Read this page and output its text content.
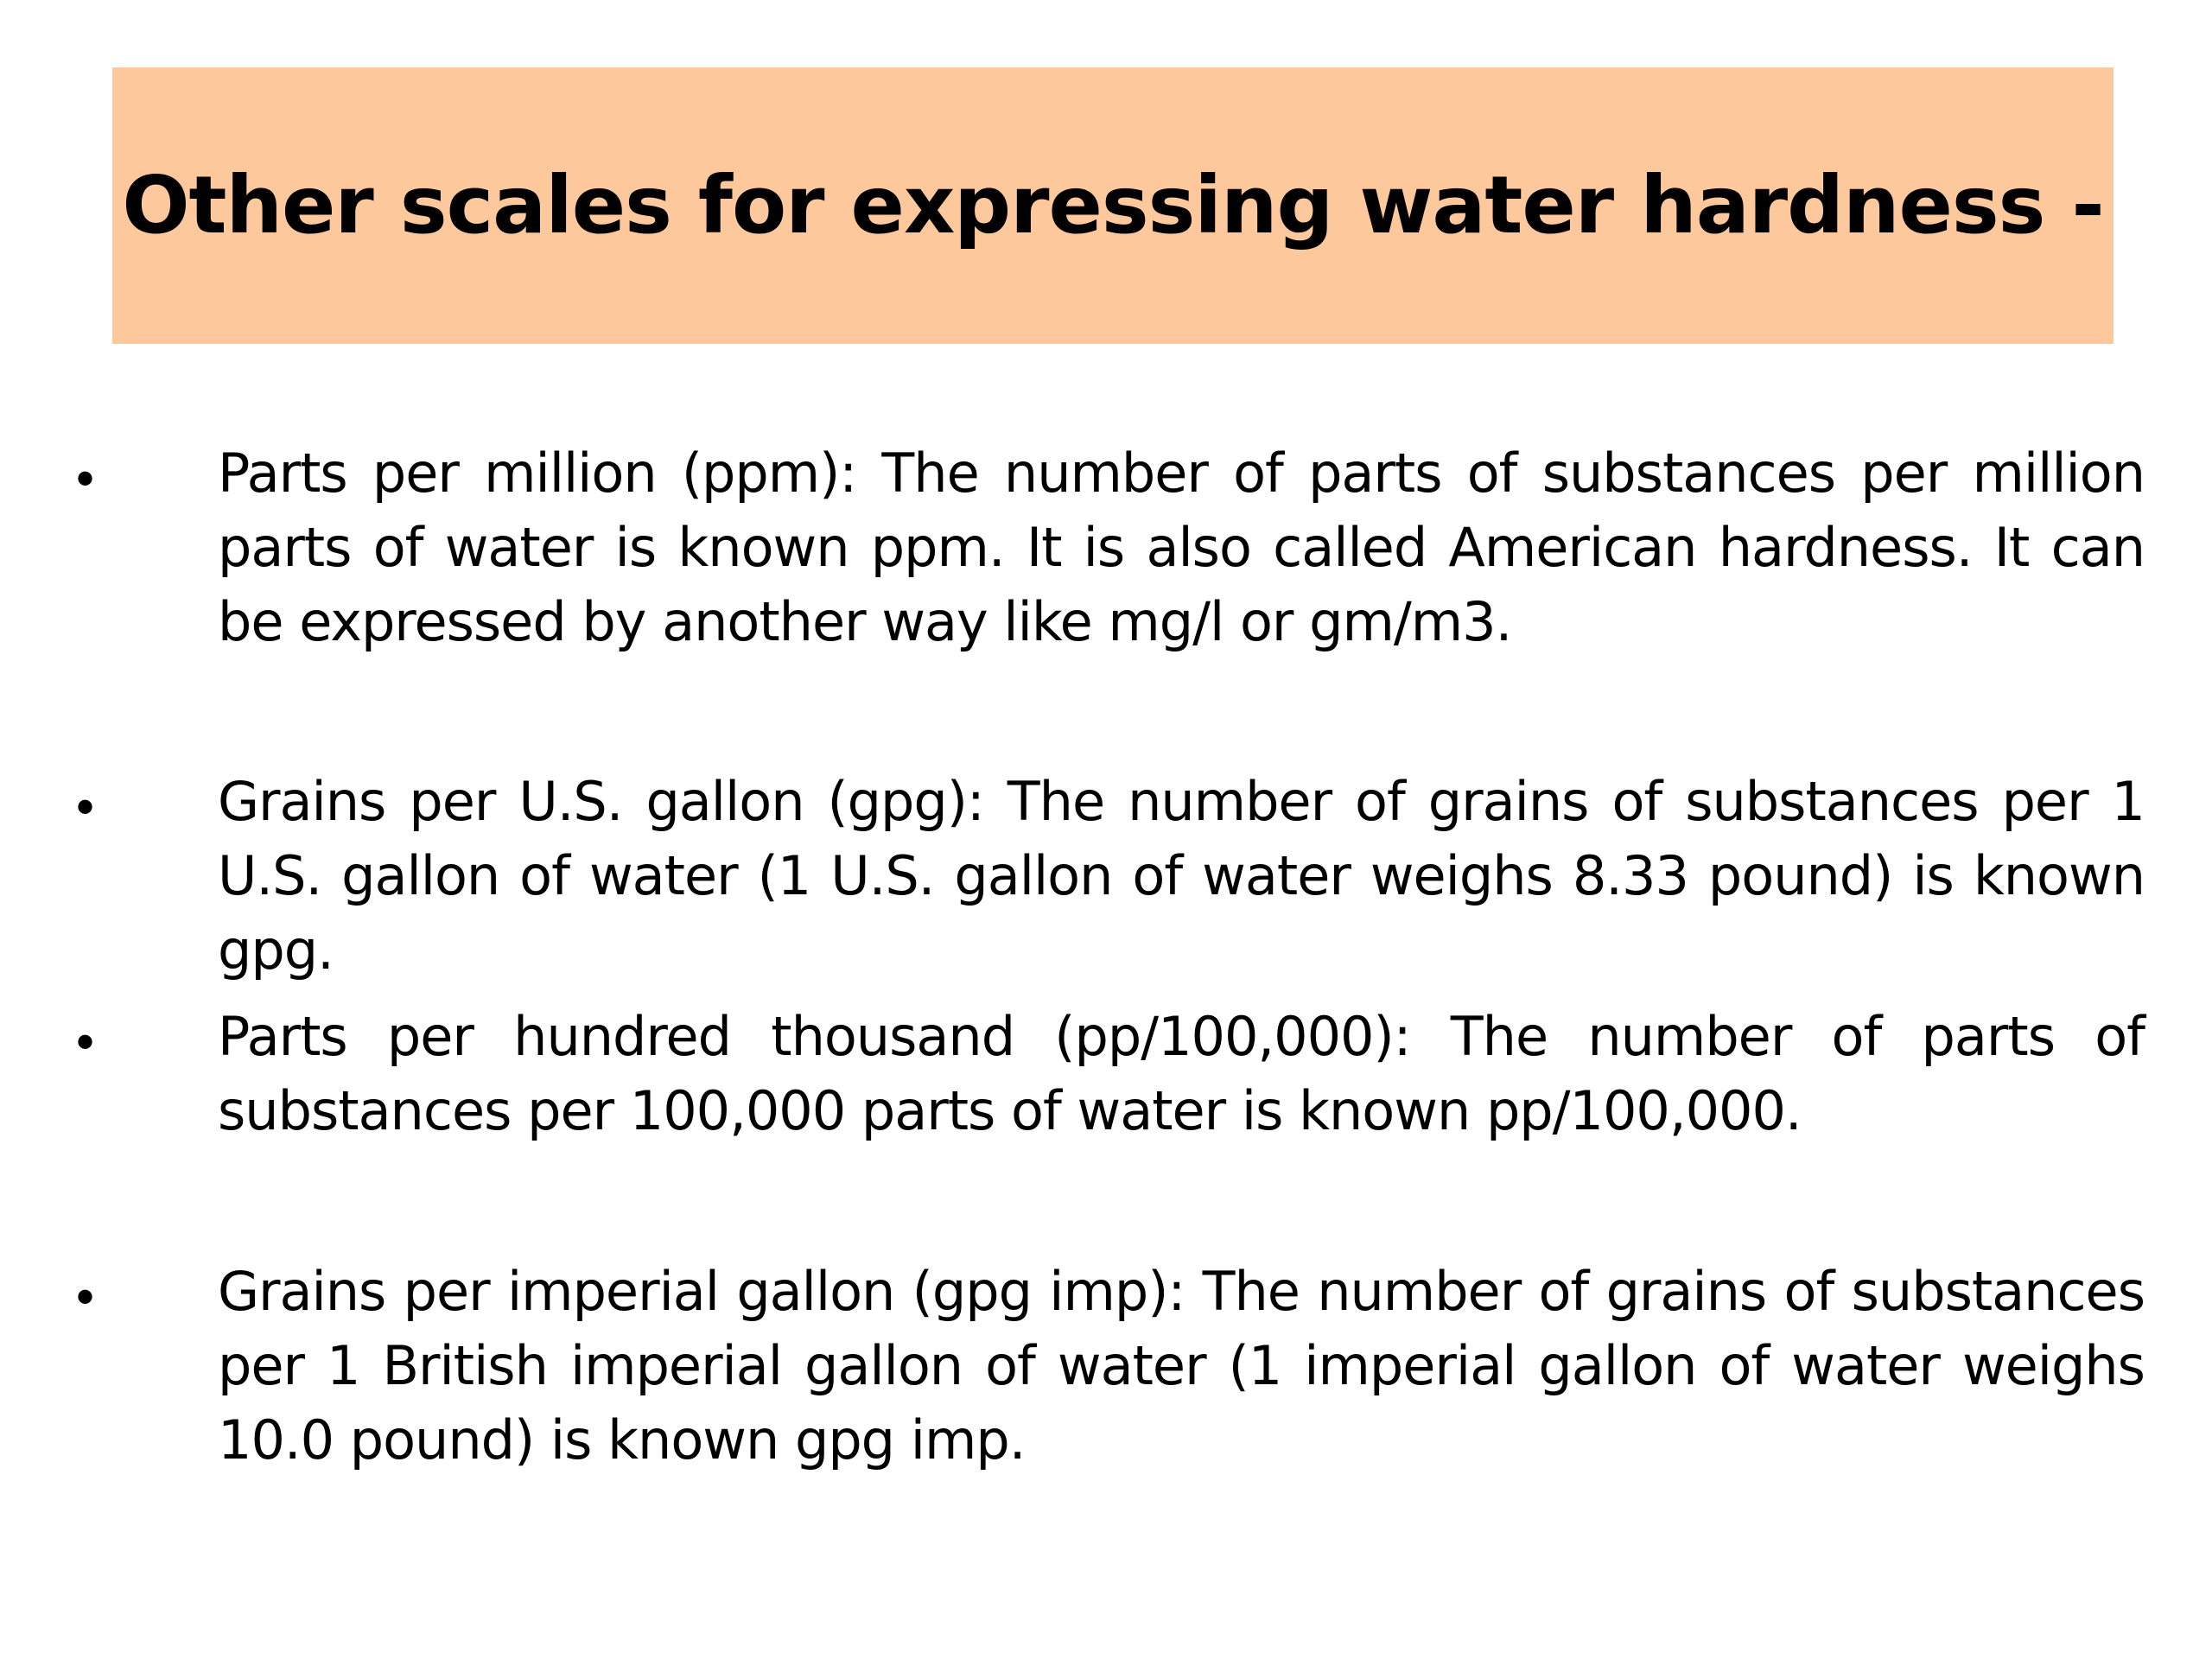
Other scales for expressing water hardness -
• Parts per million (ppm): The number of parts of substances per million parts of water is known ppm. It is also called American hardness. It can be expressed by another way like mg/l or gm/m3.

• Grains per U.S. gallon (gpg): The number of grains of substances per 1 U.S. gallon of water (1 U.S. gallon of water weighs 8.33 pound) is known gpg.

• Parts per hundred thousand (pp/100,000): The number of parts of substances per 100,000 parts of water is known pp/100,000.

• Grains per imperial gallon (gpg imp): The number of grains of substances per 1 British imperial gallon of water (1 imperial gallon of water weighs 10.0 pound) is known gpg imp.
